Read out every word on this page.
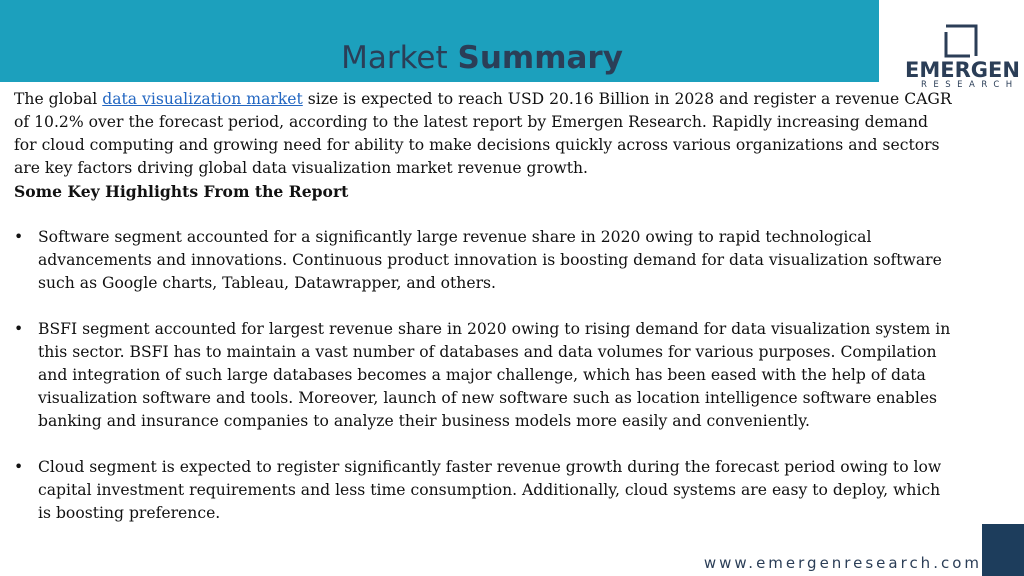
Market Summary	EMERGEN
RESEARCH

The global data visualization market size is expected to reach USD 20.16 Billion in 2028 and register a revenue CAGR of 10.2% over the forecast period, according to the latest report by Emergen Research. Rapidly increasing demand for cloud computing and growing need for ability to make decisions quickly across various organizations and sectors are key factors driving global data visualization market revenue growth.

Some Key Highlights From the Report

• Software segment accounted for a significantly large revenue share in 2020 owing to rapid technological advancements and innovations. Continuous product innovation is boosting demand for data visualization software such as Google charts, Tableau, Datawrapper, and others.
• BSFI segment accounted for largest revenue share in 2020 owing to rising demand for data visualization system in this sector. BSFI has to maintain a vast number of databases and data volumes for various purposes. Compilation and integration of such large databases becomes a major challenge, which has been eased with the help of data visualization software and tools. Moreover, launch of new software such as location intelligence software enables banking and insurance companies to analyze their business models more easily and conveniently.
• Cloud segment is expected to register significantly faster revenue growth during the forecast period owing to low capital investment requirements and less time consumption. Additionally, cloud systems are easy to deploy, which is boosting preference.
www.emergenresearch.com
